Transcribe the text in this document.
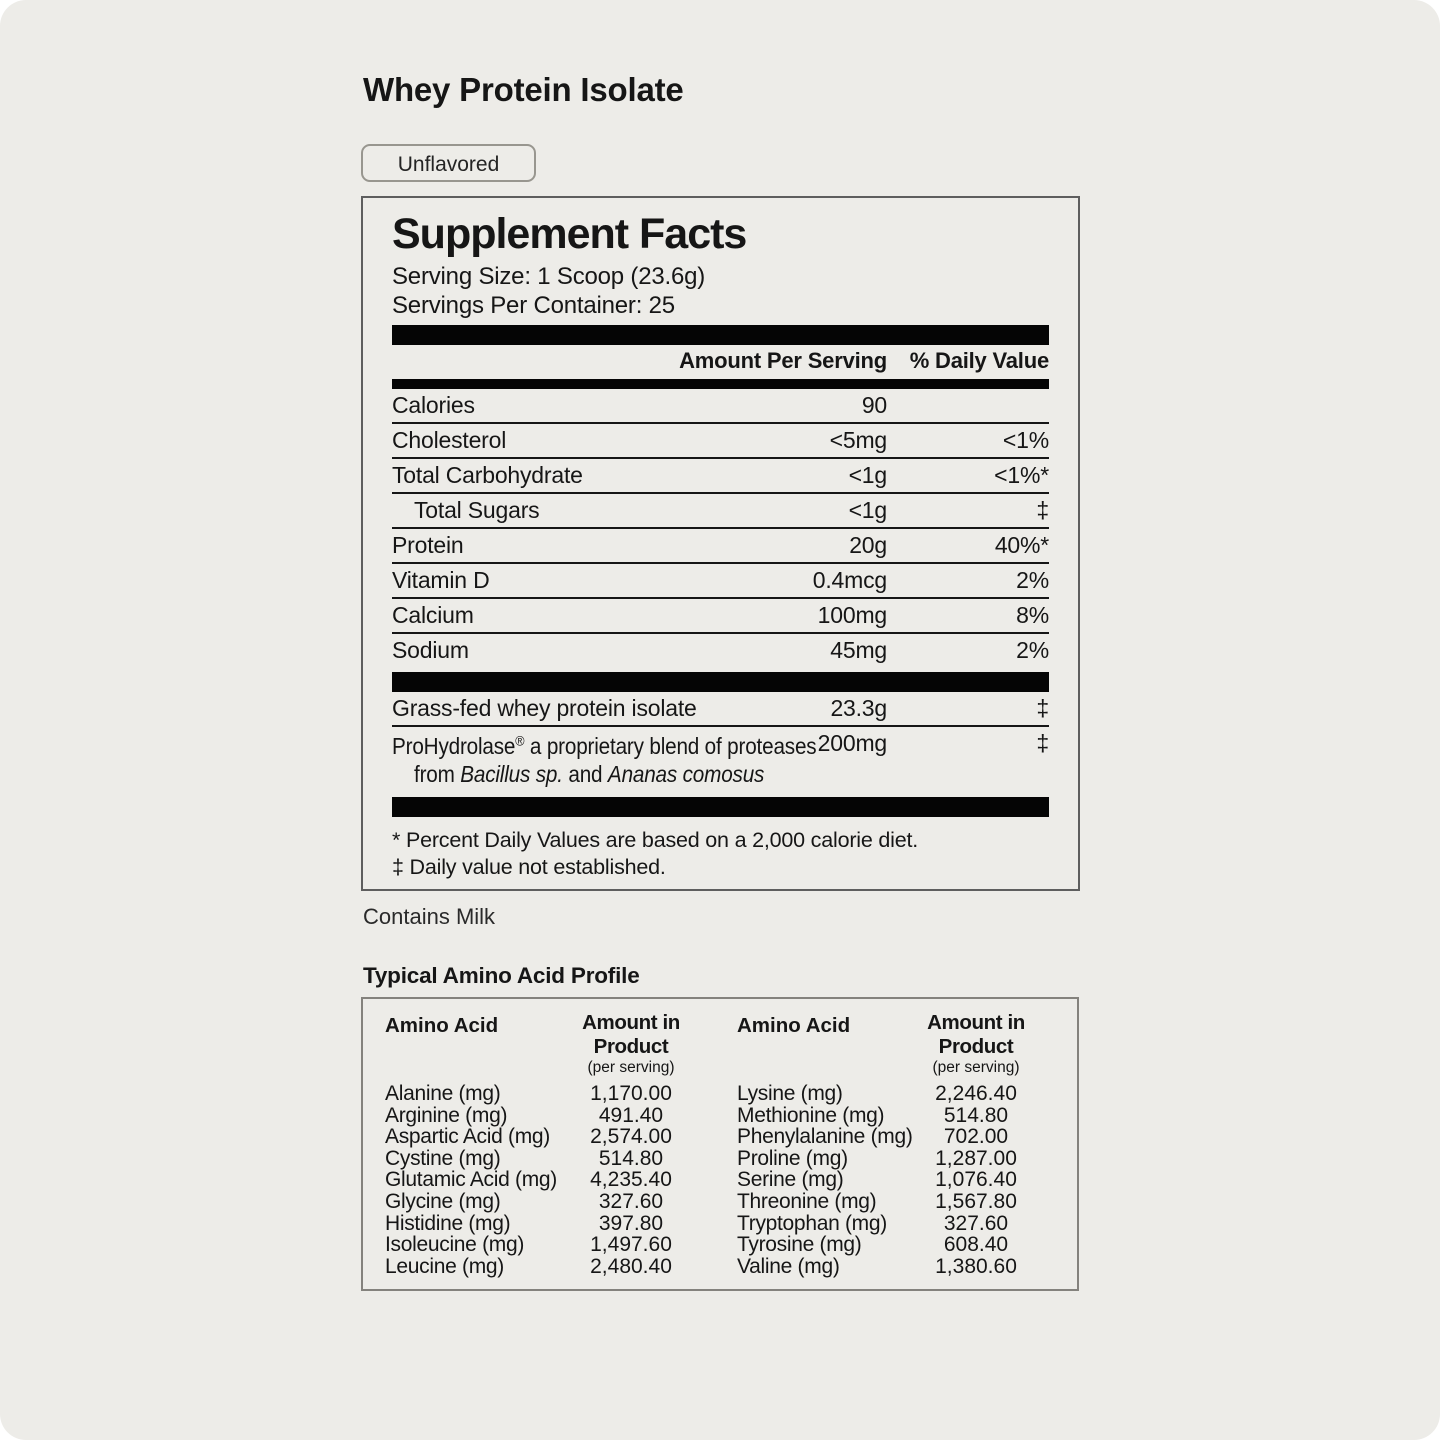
Whey Protein Isolate
Unflavored
Supplement Facts
Serving Size: 1 Scoop (23.6g)
Servings Per Container: 25
Amount Per Serving % Daily Value
Calories	90
Cholesterol	<5mg	<1%
Total Carbohydrate	<1g	<1%*
Total Sugars	<1g	‡
Protein	20g	40%*
Vitamin D	0.4mcg	2%
Calcium	100mg	8%
Sodium	45mg	2%
Grass-fed whey protein isolate	23.3g	‡
ProHydrolase® a proprietary blend of proteases
from Bacillus sp. and Ananas comosus
200mg	‡
* Percent Daily Values are based on a 2,000 calorie diet.
‡ Daily value not established.
Contains Milk
Typical Amino Acid Profile
Amino Acid	Amount in Product
(per serving)
Alanine (mg)	1,170.00
Arginine (mg)	491.40
Aspartic Acid (mg)	2,574.00
Cystine (mg)	514.80
Glutamic Acid (mg)	4,235.40
Glycine (mg)	327.60
Histidine (mg)	397.80
Isoleucine (mg)	1,497.60
Leucine (mg)	2,480.40
Amino Acid	Amount in Product
(per serving)
Lysine (mg)	2,246.40
Methionine (mg)	514.80
Phenylalanine (mg)	702.00
Proline (mg)	1,287.00
Serine (mg)	1,076.40
Threonine (mg)	1,567.80
Tryptophan (mg)	327.60
Tyrosine (mg)	608.40
Valine (mg)	1,380.60
